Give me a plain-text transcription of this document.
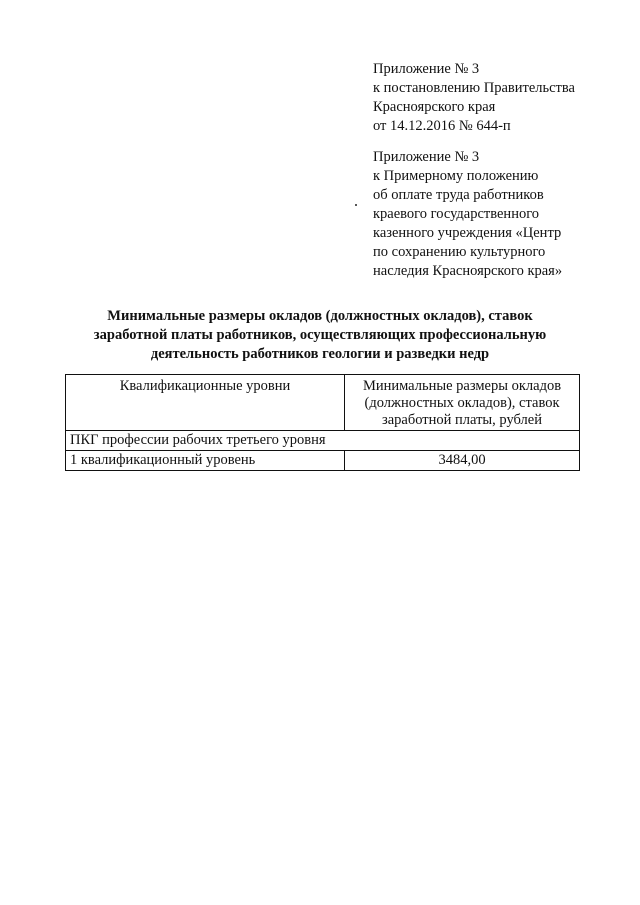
Приложение № 3
к постановлению Правительства
Красноярского края
от 14.12.2016 № 644-п
Приложение № 3
к Примерному положению
об оплате труда работников
краевого государственного
казенного учреждения «Центр
по сохранению культурного
наследия Красноярского края»
Минимальные размеры окладов (должностных окладов), ставок
заработной платы работников, осуществляющих профессиональную
деятельность работников геологии и разведки недр
Квалификационные уровни	Минимальные размеры окладов
(должностных окладов), ставок
заработной платы, рублей

ПКГ профессии рабочих третьего уровня	
1 квалификационный уровень	3484,00
